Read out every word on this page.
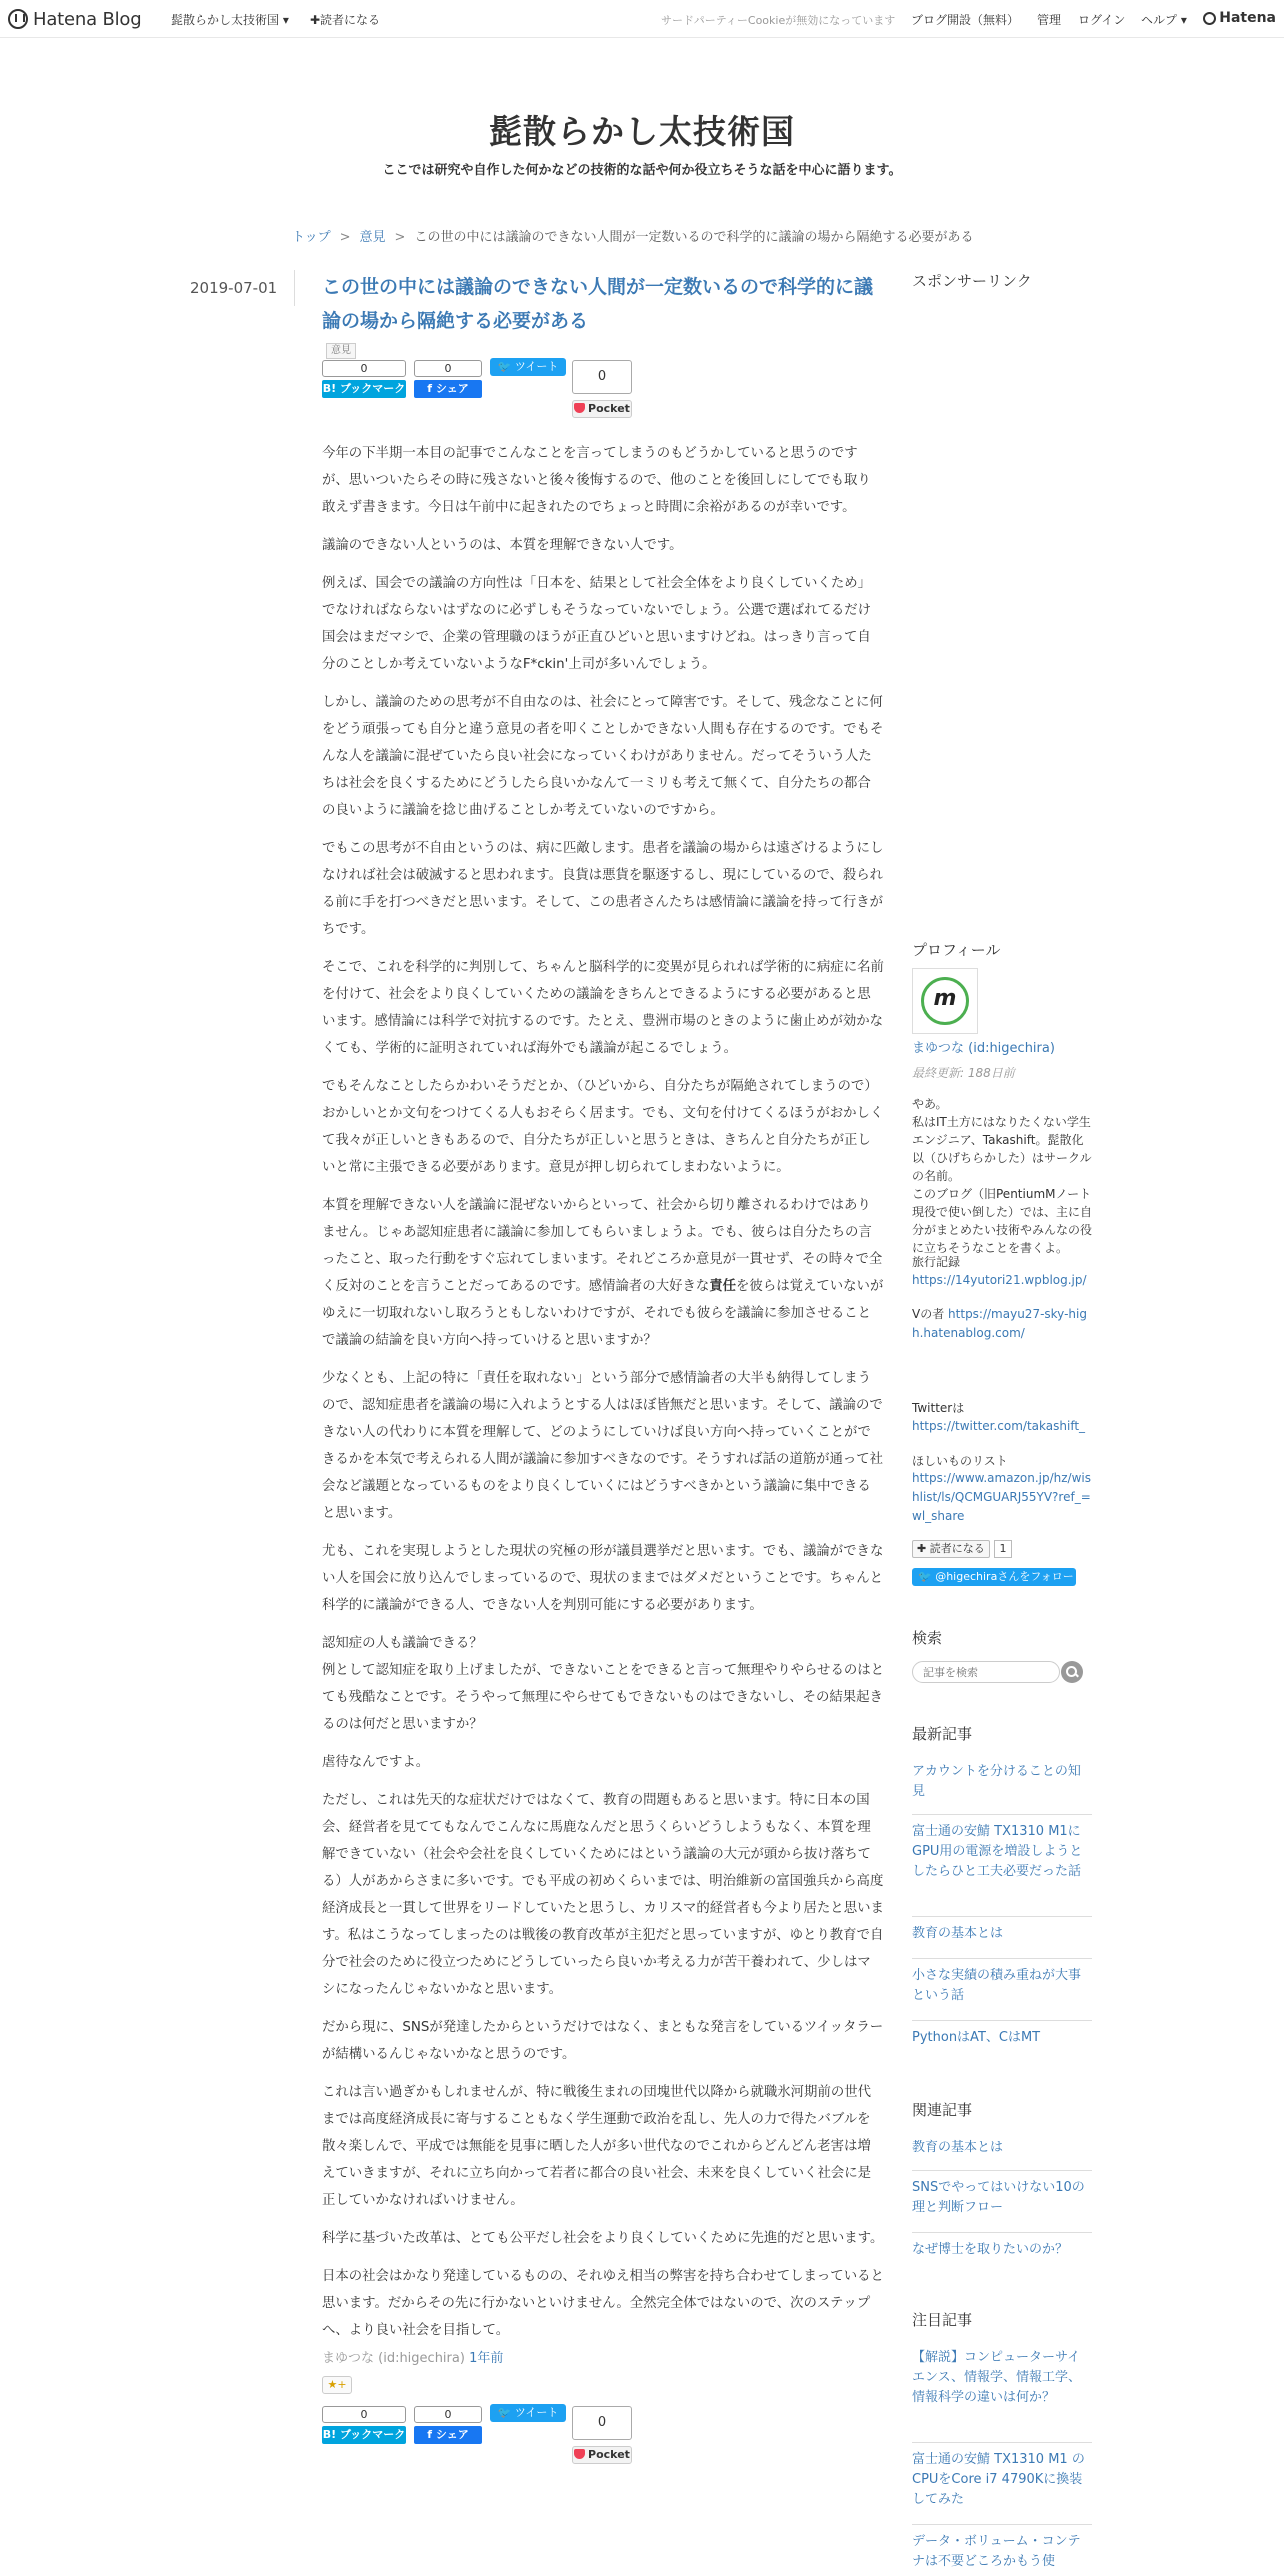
Hatena Blog 髭散らかし太技術国 ▾ ✚読者になる	サードパーティーCookieが無効になっています ブログ開設（無料） 管理 ログイン ヘルプ ▾ Hatena
髭散らかし太技術国
ここでは研究や自作した何かなどの技術的な話や何か役立ちそうな話を中心に語ります。
トップ > 意見 > この世の中には議論のできない人間が一定数いるので科学的に議論の場から隔絶する必要がある
2019-07-01 この世の中には議論のできない人間が一定数いるので科学的に議論の場から隔絶する必要がある
意見
0
B! ブックマーク
0
f シェア
🐦 ツイート
0
Pocket

今年の下半期一本目の記事でこんなことを言ってしまうのもどうかしていると思うのですが、思いついたらその時に残さないと後々後悔するので、他のことを後回しにしてでも取り敢えず書きます。今日は午前中に起きれたのでちょっと時間に余裕があるのが幸いです。

議論のできない人というのは、本質を理解できない人です。

例えば、国会での議論の方向性は「日本を、結果として社会全体をより良くしていくため」でなければならないはずなのに必ずしもそうなっていないでしょう。公選で選ばれてるだけ国会はまだマシで、企業の管理職のほうが正直ひどいと思いますけどね。はっきり言って自分のことしか考えていないようなF*ckin'上司が多いんでしょう。

しかし、議論のための思考が不自由なのは、社会にとって障害です。そして、残念なことに何をどう頑張っても自分と違う意見の者を叩くことしかできない人間も存在するのです。でもそんな人を議論に混ぜていたら良い社会になっていくわけがありません。だってそういう人たちは社会を良くするためにどうしたら良いかなんて一ミリも考えて無くて、自分たちの都合の良いように議論を捻じ曲げることしか考えていないのですから。

でもこの思考が不自由というのは、病に匹敵します。患者を議論の場からは遠ざけるようにしなければ社会は破滅すると思われます。良貨は悪貨を駆逐するし、現にしているので、殺られる前に手を打つべきだと思います。そして、この患者さんたちは感情論に議論を持って行きがちです。

そこで、これを科学的に判別して、ちゃんと脳科学的に変異が見られれば学術的に病症に名前を付けて、社会をより良くしていくための議論をきちんとできるようにする必要があると思います。感情論には科学で対抗するのです。たとえ、豊洲市場のときのように歯止めが効かなくても、学術的に証明されていれば海外でも議論が起こるでしょう。

でもそんなことしたらかわいそうだとか、（ひどいから、自分たちが隔絶されてしまうので）おかしいとか文句をつけてくる人もおそらく居ます。でも、文句を付けてくるほうがおかしくて我々が正しいときもあるので、自分たちが正しいと思うときは、きちんと自分たちが正しいと常に主張できる必要があります。意見が押し切られてしまわないように。

本質を理解できない人を議論に混ぜないからといって、社会から切り離されるわけではありません。じゃあ認知症患者に議論に参加してもらいましょうよ。でも、彼らは自分たちの言ったこと、取った行動をすぐ忘れてしまいます。それどころか意見が一貫せず、その時々で全く反対のことを言うことだってあるのです。感情論者の大好きな責任を彼らは覚えていないがゆえに一切取れないし取ろうともしないわけですが、それでも彼らを議論に参加させることで議論の結論を良い方向へ持っていけると思いますか？

少なくとも、上記の特に「責任を取れない」という部分で感情論者の大半も納得してしまうので、認知症患者を議論の場に入れようとする人はほぼ皆無だと思います。そして、議論のできない人の代わりに本質を理解して、どのようにしていけば良い方向へ持っていくことができるかを本気で考えられる人間が議論に参加すべきなのです。そうすれば話の道筋が通って社会など議題となっているものをより良くしていくにはどうすべきかという議論に集中できると思います。

尤も、これを実現しようとした現状の究極の形が議員選挙だと思います。でも、議論ができない人を国会に放り込んでしまっているので、現状のままではダメだということです。ちゃんと科学的に議論ができる人、できない人を判別可能にする必要があります。

認知症の人も議論できる？
例として認知症を取り上げましたが、できないことをできると言って無理やりやらせるのはとても残酷なことです。そうやって無理にやらせてもできないものはできないし、その結果起きるのは何だと思いますか？

虐待なんですよ。

ただし、これは先天的な症状だけではなくて、教育の問題もあると思います。特に日本の国会、経営者を見ててもなんでこんなに馬鹿なんだと思うくらいどうしようもなく、本質を理解できていない（社会や会社を良くしていくためにはという議論の大元が頭から抜け落ちてる）人があからさまに多いです。でも平成の初めくらいまでは、明治維新の富国強兵から高度経済成長と一貫して世界をリードしていたと思うし、カリスマ的経営者も今より居たと思います。私はこうなってしまったのは戦後の教育改革が主犯だと思っていますが、ゆとり教育で自分で社会のために役立つためにどうしていったら良いか考える力が苦干養われて、少しはマシになったんじゃないかなと思います。

だから現に、SNSが発達したからというだけではなく、まともな発言をしているツイッタラーが結構いるんじゃないかなと思うのです。

これは言い過ぎかもしれませんが、特に戦後生まれの団塊世代以降から就職氷河期前の世代までは高度経済成長に寄与することもなく学生運動で政治を乱し、先人の力で得たバブルを散々楽しんで、平成では無能を見事に晒した人が多い世代なのでこれからどんどん老害は増えていきますが、それに立ち向かって若者に都合の良い社会、未来を良くしていく社会に是正していかなければいけません。

科学に基づいた改革は、とても公平だし社会をより良くしていくために先進的だと思います。

日本の社会はかなり発達しているものの、それゆえ相当の弊害を持ち合わせてしまっていると思います。だからその先に行かないといけません。全然完全体ではないので、次のステップへ、より良い社会を目指して。

まゆつな (id:higechira) 1年前
★+
0
B! ブックマーク
0
f シェア
🐦 ツイート
0
Pocket
スポンサーリンク
プロフィール
m
まゆつな (id:higechira)
最終更新: 188日前
やあ。
私はIT土方にはなりたくない学生エンジニア、Takashift。髭散化以（ひげちらかした）はサークルの名前。
このブログ（旧PentiumMノート現役で使い倒した）では、主に自分がまとめたい技術やみんなの役に立ちそうなことを書くよ。
旅行記録
https://14yutori21.wpblog.jp/
Vの者 https://mayu27-sky-high.hatenablog.com/
Twitterは
https://twitter.com/takashift_
ほしいものリスト
https://www.amazon.jp/hz/wishlist/ls/QCMGUARJ55YV?ref_=wl_share
✚ 読者になる	1
🐦 @higechiraさんをフォロー
検索
記事を検索
最新記事
アカウントを分けることの知見
富士通の安鯖 TX1310 M1にGPU用の電源を増設しようとしたらひと工夫必要だった話
教育の基本とは
小さな実績の積み重ねが大事という話
PythonはAT、CはMT
関連記事
教育の基本とは
SNSでやってはいけない10の理と判断フロー
なぜ博士を取りたいのか？
注目記事
【解説】コンピューターサイエンス、情報学、情報工学、情報科学の違いは何か？
富士通の安鯖 TX1310 M1 のCPUをCore i7 4790Kに換装してみた
データ・ボリューム・コンテナは不要どころかもう使
